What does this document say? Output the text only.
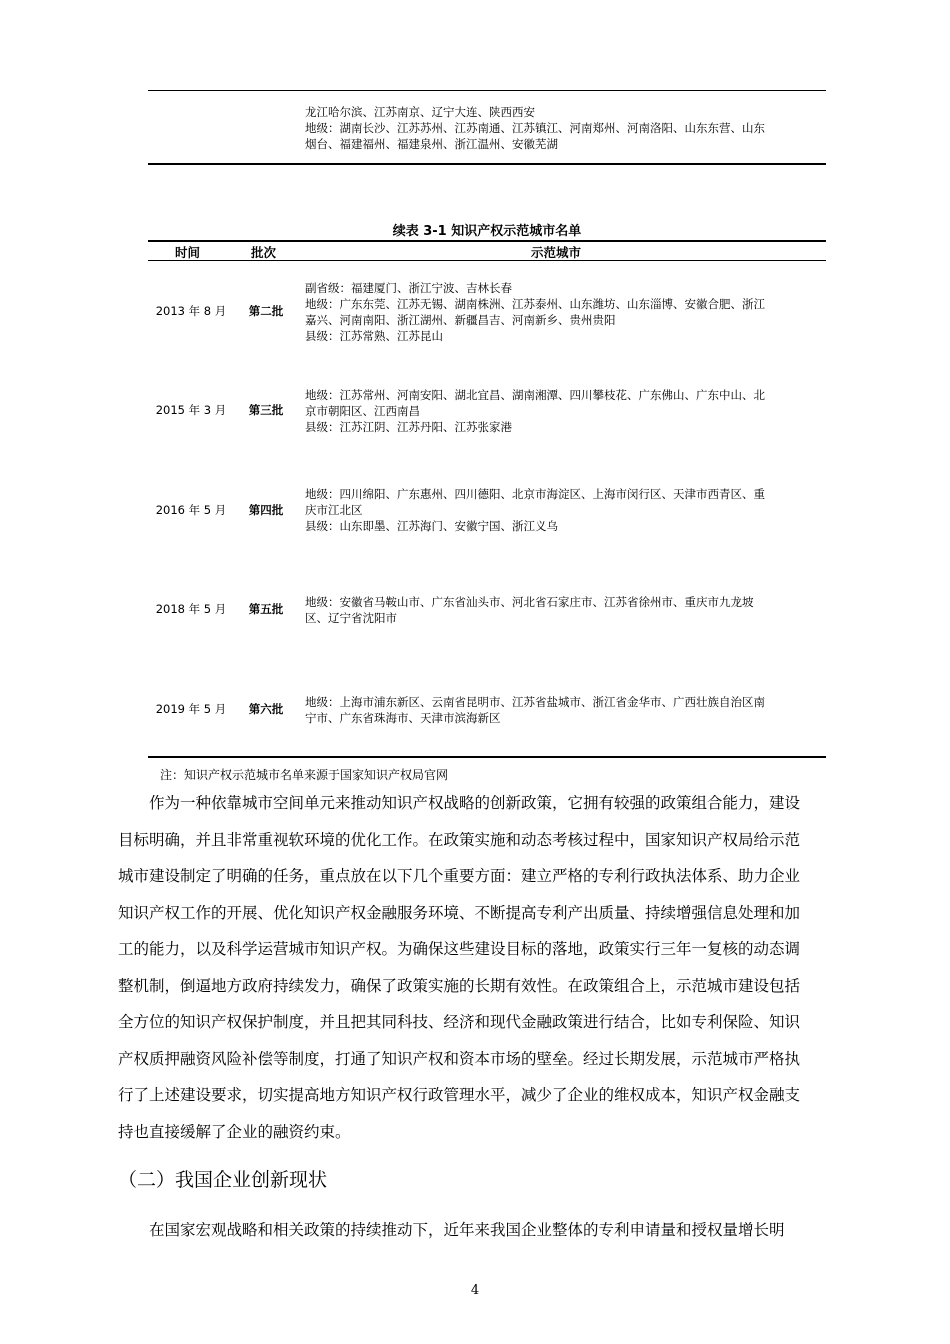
龙江哈尔滨、江苏南京、辽宁大连、陕西西安
地级：湖南长沙、江苏苏州、江苏南通、江苏镇江、河南郑州、河南洛阳、山东东营、山东
烟台、福建福州、福建泉州、浙江温州、安徽芜湖
续表 3-1 知识产权示范城市名单
时间	批次	示范城市
2013 年 8 月	第二批
副省级：福建厦门、浙江宁波、吉林长春
地级：广东东莞、江苏无锡、湖南株洲、江苏泰州、山东潍坊、山东淄博、安徽合肥、浙江
嘉兴、河南南阳、浙江湖州、新疆昌吉、河南新乡、贵州贵阳
县级：江苏常熟、江苏昆山
2015 年 3 月	第三批
地级：江苏常州、河南安阳、湖北宜昌、湖南湘潭、四川攀枝花、广东佛山、广东中山、北
京市朝阳区、江西南昌
县级：江苏江阴、江苏丹阳、江苏张家港
2016 年 5 月	第四批
地级：四川绵阳、广东惠州、四川德阳、北京市海淀区、上海市闵行区、天津市西青区、重
庆市江北区
县级：山东即墨、江苏海门、安徽宁国、浙江义乌
2018 年 5 月	第五批	地级：安徽省马鞍山市、广东省汕头市、河北省石家庄市、江苏省徐州市、重庆市九龙坡
区、辽宁省沈阳市
2019 年 5 月	第六批	地级：上海市浦东新区、云南省昆明市、江苏省盐城市、浙江省金华市、广西壮族自治区南
宁市、广东省珠海市、天津市滨海新区
注：知识产权示范城市名单来源于国家知识产权局官网
　　作为一种依靠城市空间单元来推动知识产权战略的创新政策，它拥有较强的政策组合能力，建设
目标明确，并且非常重视软环境的优化工作。在政策实施和动态考核过程中，国家知识产权局给示范
城市建设制定了明确的任务，重点放在以下几个重要方面：建立严格的专利行政执法体系、助力企业
知识产权工作的开展、优化知识产权金融服务环境、不断提高专利产出质量、持续增强信息处理和加
工的能力，以及科学运营城市知识产权。为确保这些建设目标的落地，政策实行三年一复核的动态调
整机制，倒逼地方政府持续发力，确保了政策实施的长期有效性。在政策组合上，示范城市建设包括
全方位的知识产权保护制度，并且把其同科技、经济和现代金融政策进行结合，比如专利保险、知识
产权质押融资风险补偿等制度，打通了知识产权和资本市场的壁垒。经过长期发展，示范城市严格执
行了上述建设要求，切实提高地方知识产权行政管理水平，减少了企业的维权成本，知识产权金融支
持也直接缓解了企业的融资约束。
（二）我国企业创新现状
　　在国家宏观战略和相关政策的持续推动下，近年来我国企业整体的专利申请量和授权量增长明
4
